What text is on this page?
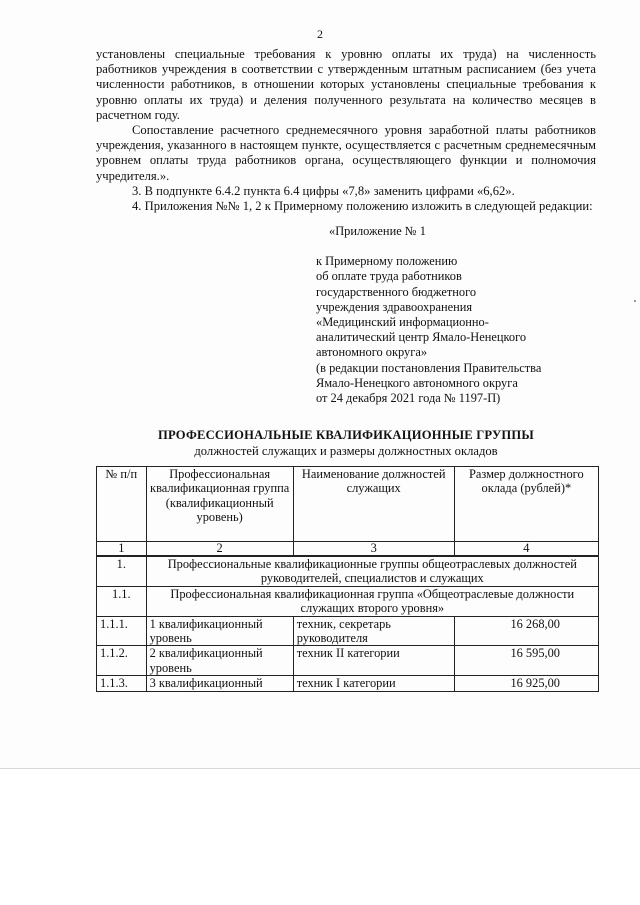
2

установлены специальные требования к уровню оплаты их труда) на численность работников учреждения в соответствии с утвержденным штатным расписанием (без учета численности работников, в отношении которых установлены специальные требования к уровню оплаты их труда) и деления полученного результата на количество месяцев в расчетном году.

Сопоставление расчетного среднемесячного уровня заработной платы работников учреждения, указанного в настоящем пункте, осуществляется с расчетным среднемесячным уровнем оплаты труда работников органа, осуществляющего функции и полномочия учредителя.».

3. В подпункте 6.4.2 пункта 6.4 цифры «7,8» заменить цифрами «6,62».

4. Приложения №№ 1, 2 к Примерному положению изложить в следующей редакции:

«Приложение № 1

к Примерному положению

об оплате труда работников

государственного бюджетного

учреждения здравоохранения

«Медицинский информационно-

аналитический центр Ямало-Ненецкого

автономного округа»

(в редакции постановления Правительства

Ямало-Ненецкого автономного округа

от 24 декабря 2021 года № 1197-П)

ПРОФЕССИОНАЛЬНЫЕ КВАЛИФИКАЦИОННЫЕ ГРУППЫ
должностей служащих и размеры должностных окладов
№ п/п	Профессиональная квалификационная группа (квалификационный уровень)	Наименование должностей служащих	Размер должностного оклада (рублей)*
1	2	3	4
1.	Профессиональные квалификационные группы общеотраслевых должностей руководителей, специалистов и служащих		
1.1.	Профессиональная квалификационная группа «Общеотраслевые должности служащих второго уровня»		
1.1.1.	1 квалификационный уровень	техник, секретарь руководителя	16 268,00
1.1.2.	2 квалификационный уровень	техник II категории	16 595,00
1.1.3.	3 квалификационный	техник I категории	16 925,00
